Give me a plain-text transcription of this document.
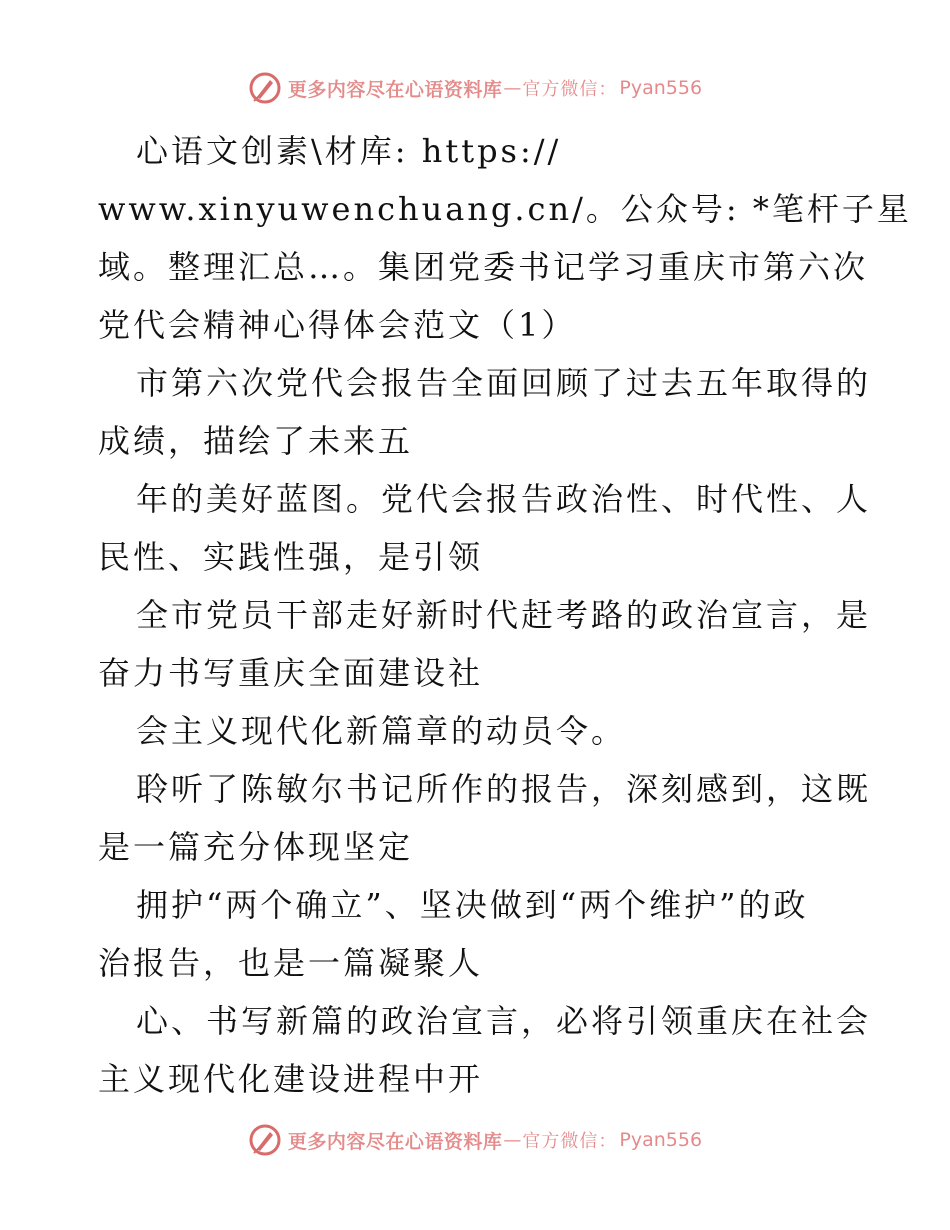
更多内容尽在心语资料库 — 官方微信： Pyan556
心语文创素\材库: https://
www.xinyuwenchuang.cn/。公众号: *笔杆子星
域。整理汇总…。集团党委书记学习重庆市第六次
党代会精神心得体会范文（1）
市第六次党代会报告全面回顾了过去五年取得的
成绩，描绘了未来五
年的美好蓝图。党代会报告政治性、时代性、人
民性、实践性强，是引领
全市党员干部走好新时代赶考路的政治宣言，是
奋力书写重庆全面建设社
会主义现代化新篇章的动员令。
聆听了陈敏尔书记所作的报告，深刻感到，这既
是一篇充分体现坚定
拥护“两个确立”、坚决做到“两个维护”的政
治报告，也是一篇凝聚人
心、书写新篇的政治宣言，必将引领重庆在社会
主义现代化建设进程中开
更多内容尽在心语资料库 — 官方微信： Pyan556
